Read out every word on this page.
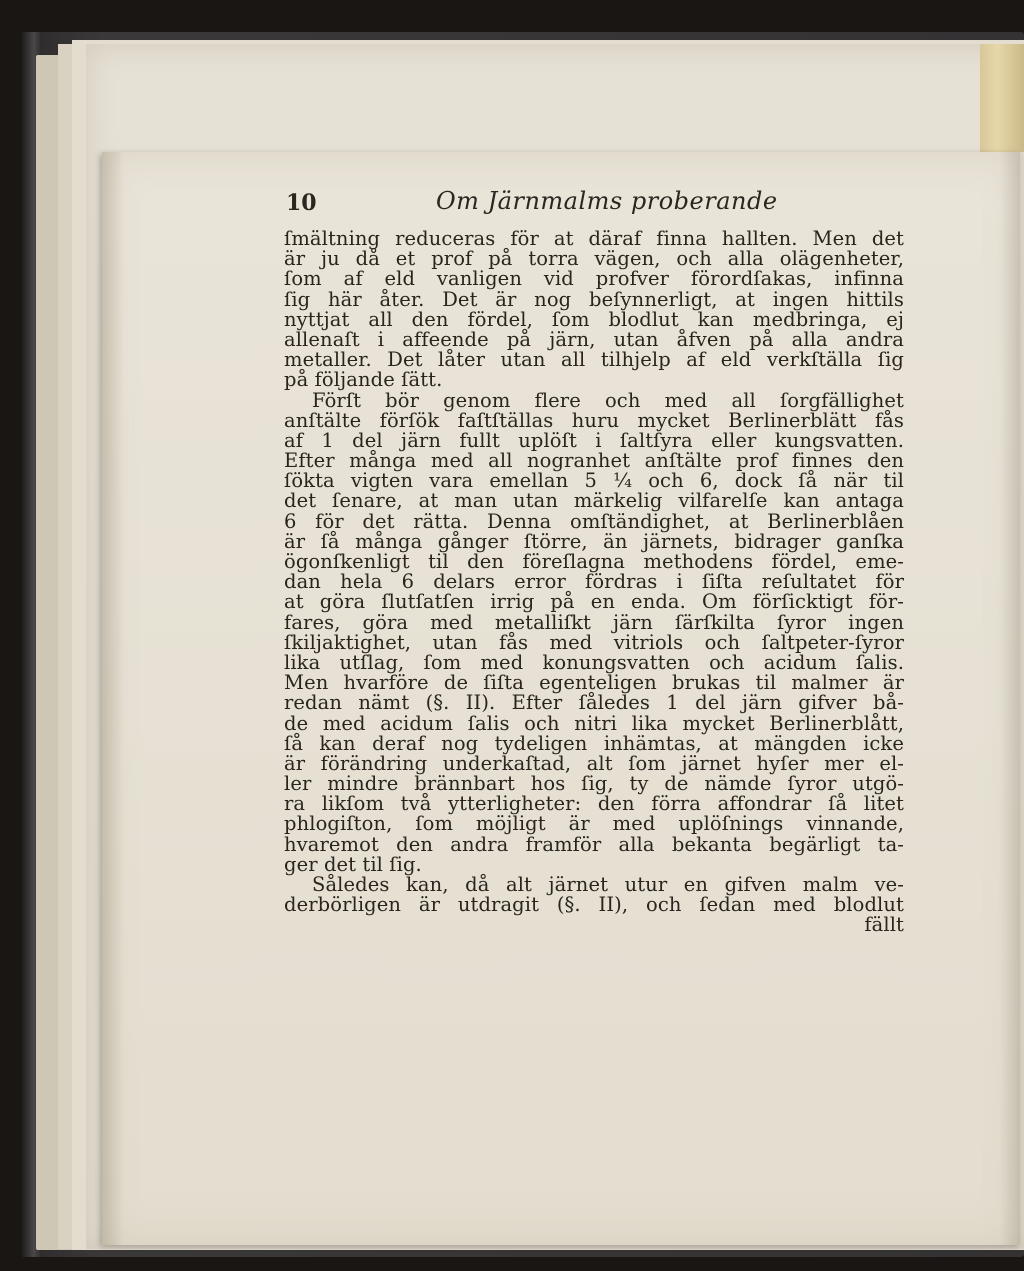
10	Om Järnmalms proberande

ſmältning reduceras för at däraf finna hallten. Men det
är ju då et prof på torra vägen, och alla olägenheter,
ſom af eld vanligen vid profver förordſakas, infinna
ſig här åter. Det är nog beſynnerligt, at ingen hittils
nyttjat all den fördel, ſom blodlut kan medbringa, ej
allenaſt i affeende på järn, utan åfven på alla andra
metaller. Det låter utan all tilhjelp af eld verkſtälla ſig
på följande ſätt.
Förſt bör genom flere och med all ſorgfällighet
anſtälte förſök faſtſtällas huru mycket Berlinerblätt fås
af 1 del järn fullt uplöſt i ſaltſyra eller kungsvatten.
Efter många med all nogranhet anſtälte prof finnes den
ſökta vigten vara emellan 5 ¼ och 6, dock ſå när til
det ſenare, at man utan märkelig vilfarelſe kan antaga
6 för det rätta. Denna omſtändighet, at Berlinerblåen
är ſå många gånger ſtörre, än järnets, bidrager ganſka
ögonſkenligt til den föreſlagna methodens fördel, eme-
dan hela 6 delars error fördras i ſiſta reſultatet för
at göra ſlutſatſen irrig på en enda. Om förſicktigt för-
fares, göra med metalliſkt järn ſärſkilta ſyror ingen
ſkiljaktighet, utan fås med vitriols och ſaltpeter-ſyror
lika utſlag, ſom med konungsvatten och acidum ſalis.
Men hvarföre de ſiſta egenteligen brukas til malmer är
redan nämt (§. II). Efter ſåledes 1 del järn gifver bå-
de med acidum ſalis och nitri lika mycket Berlinerblått,
ſå kan deraf nog tydeligen inhämtas, at mängden icke
är förändring underkaſtad, alt ſom järnet hyſer mer el-
ler mindre brännbart hos ſig, ty de nämde ſyror utgö-
ra likſom två ytterligheter: den förra affondrar ſå litet
phlogiſton, ſom möjligt är med uplöſnings vinnande,
hvaremot den andra framför alla bekanta begärligt ta-
ger det til ſig.
Således kan, då alt järnet utur en gifven malm ve-
derbörligen är utdragit (§. II), och ſedan med blodlut
fällt
